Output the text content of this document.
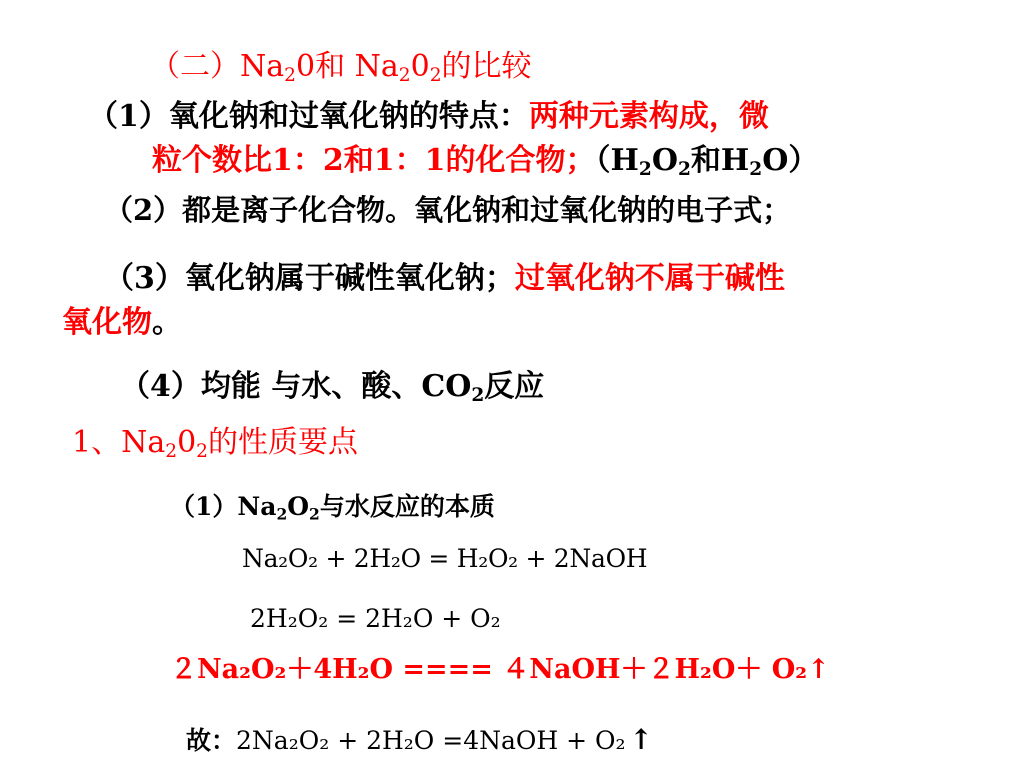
（二）$Na_20$和 $Na_20_2$的比较
（1）氧化钠和过氧化钠的特点：两种元素构成，微
粒个数比1：2和1：1的化合物；（$H_2O_2$和$H_2O$）
（2）都是离子化合物。氧化钠和过氧化钠的电子式；
（3）氧化钠属于碱性氧化钠；过氧化钠不属于碱性
氧化物。
（4）均能 与水、酸、$CO_2$反应
1、$Na_20_2$的性质要点
$(1)Na_2O_2$与水反应的本质
Na₂O₂ + 2H₂O = H₂O₂ + 2NaOH
2H₂O₂ = 2H₂O + O₂
２Na₂O₂＋4H₂O ==== ４NaOH＋２H₂O＋ O₂↑
故：2Na₂O₂ + 2H₂O =4NaOH + O₂ ↑
